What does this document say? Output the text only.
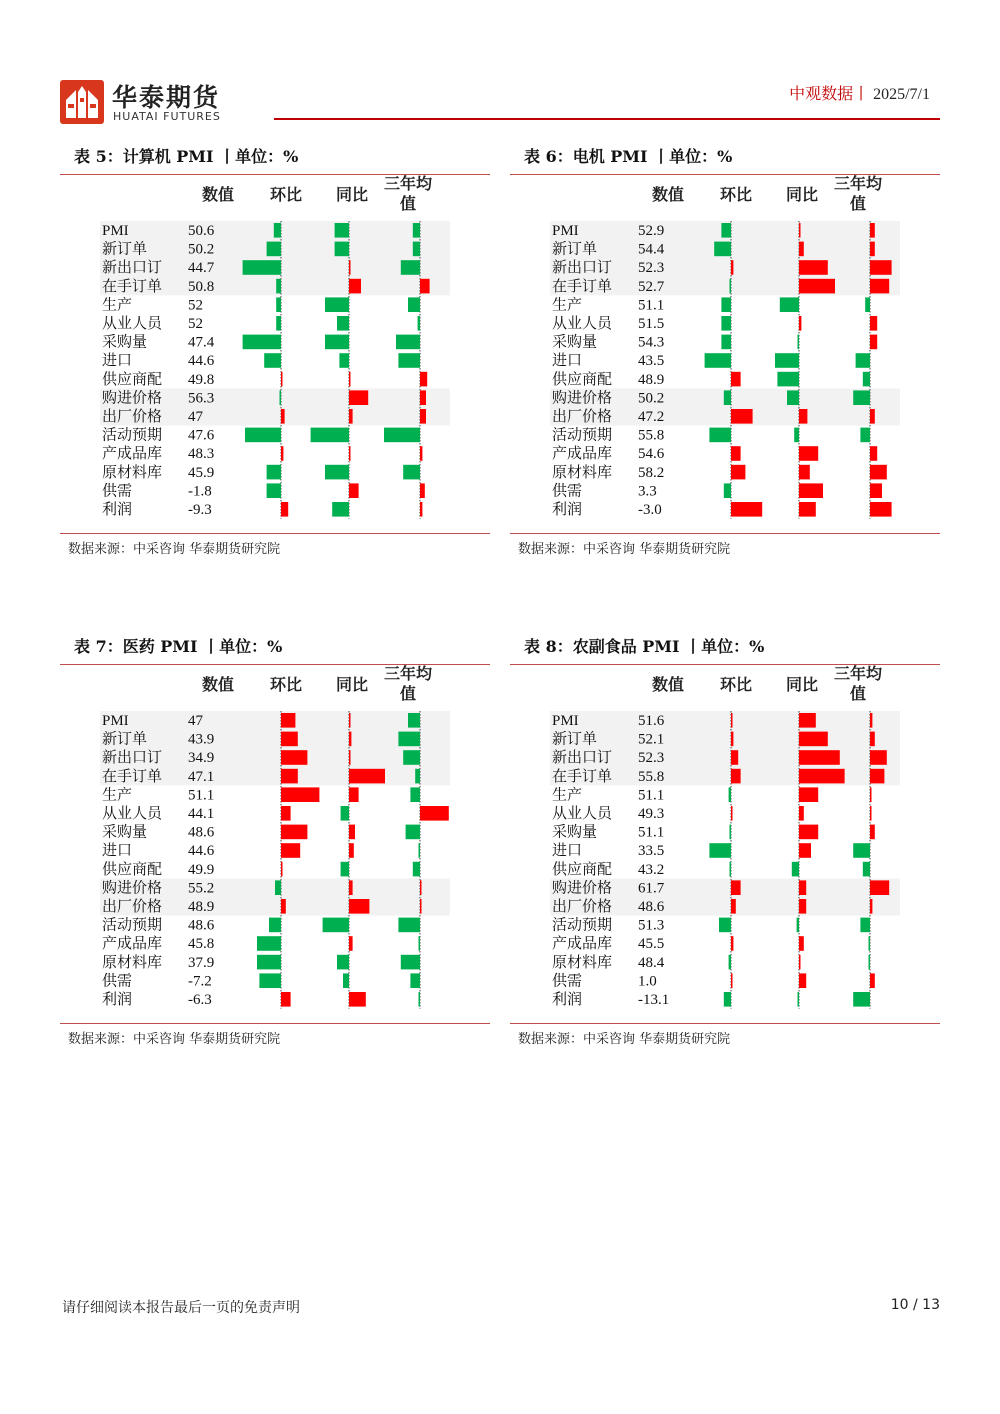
华泰期货
HUATAI FUTURES
中观数据丨 2025/7/1
表 5：计算机 PMI 丨单位：%
数值 环比 同比
三年均
值
PMI	50.6
新订单	50.2
新出口订 44.7
在手订单 50.8
生产	52
从业人员 52
采购量	47.4
进口	44.6
供应商配 49.8
购进价格 56.3
出厂价格 47
活动预期 47.6
产成品库 48.3
原材料库 45.9
供需	-1.8
利润	-9.3
数据来源：中采咨询 华泰期货研究院
表 6：电机 PMI 丨单位：%
数值 环比 同比
三年均
值
PMI	52.9
新订单	54.4
新出口订 52.3
在手订单 52.7
生产	51.1
从业人员 51.5
采购量	54.3
进口	43.5
供应商配 48.9
购进价格 50.2
出厂价格 47.2
活动预期 55.8
产成品库 54.6
原材料库 58.2
供需	3.3
利润	-3.0
数据来源：中采咨询 华泰期货研究院
表 7：医药 PMI 丨单位：%
数值 环比 同比
三年均
值
PMI	47
新订单	43.9
新出口订 34.9
在手订单 47.1
生产	51.1
从业人员 44.1
采购量	48.6
进口	44.6
供应商配 49.9
购进价格 55.2
出厂价格 48.9
活动预期 48.6
产成品库 45.8
原材料库 37.9
供需	-7.2
利润	-6.3
数据来源：中采咨询 华泰期货研究院
表 8：农副食品 PMI 丨单位：%
数值 环比 同比
三年均
值
PMI	51.6
新订单	52.1
新出口订 52.3
在手订单 55.8
生产	51.1
从业人员 49.3
采购量	51.1
进口	33.5
供应商配 43.2
购进价格 61.7
出厂价格 48.6
活动预期 51.3
产成品库 45.5
原材料库 48.4
供需	1.0
利润	-13.1
数据来源：中采咨询 华泰期货研究院
请仔细阅读本报告最后一页的免责声明	10 / 13
